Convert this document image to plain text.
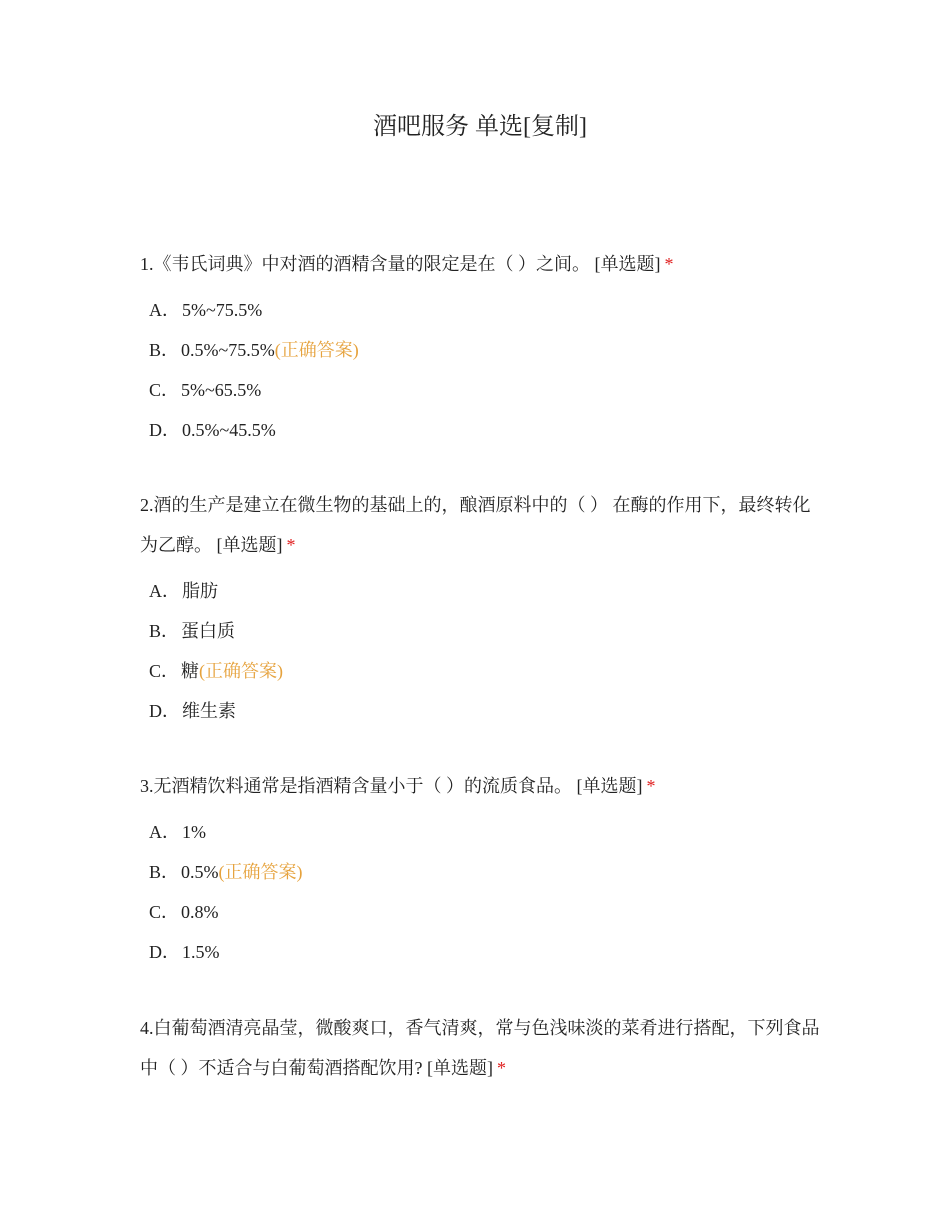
酒吧服务 单选[复制]

1.《韦氏词典》中对酒的酒精含量的限定是在（ ）之间。 [单选题] *

A． 5%~75.5%
B． 0.5%~75.5%(正确答案)
C． 5%~65.5%
D． 0.5%~45.5%

2.酒的生产是建立在微生物的基础上的，酿酒原料中的（ ） 在酶的作用下，最终转化为乙醇。 [单选题] *

A． 脂肪
B． 蛋白质
C． 糖(正确答案)
D． 维生素

3.无酒精饮料通常是指酒精含量小于（ ）的流质食品。 [单选题] *

A． 1%
B． 0.5%(正确答案)
C． 0.8%
D． 1.5%

4.白葡萄酒清亮晶莹，微酸爽口，香气清爽，常与色浅味淡的菜肴进行搭配，下列食品中（ ）不适合与白葡萄酒搭配饮用? [单选题] *
